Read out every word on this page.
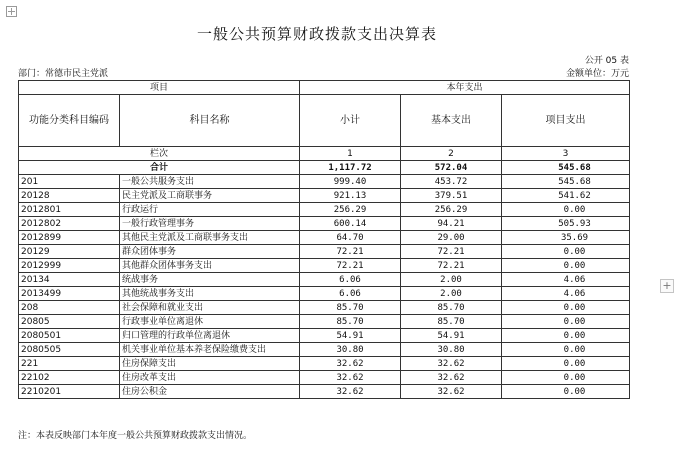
+
一般公共预算财政拨款支出决算表
公开 05 表
部门：常德市民主党派	金额单位：万元
项目		本年支出		
功能分类科目编码	科目名称	小计	基本支出	项目支出
栏次		1	2	3
合计		1,117.72	572.04	545.68
201	一般公共服务支出	999.40	453.72	545.68
20128	民主党派及工商联事务	921.13	379.51	541.62
2012801	行政运行	256.29	256.29	0.00
2012802	一般行政管理事务	600.14	94.21	505.93
2012899	其他民主党派及工商联事务支出	64.70	29.00	35.69
20129	群众团体事务	72.21	72.21	0.00
2012999	其他群众团体事务支出	72.21	72.21	0.00
20134	统战事务	6.06	2.00	4.06
2013499	其他统战事务支出	6.06	2.00	4.06
208	社会保障和就业支出	85.70	85.70	0.00
20805	行政事业单位离退休	85.70	85.70	0.00
2080501	归口管理的行政单位离退休	54.91	54.91	0.00
2080505	机关事业单位基本养老保险缴费支出	30.80	30.80	0.00
221	住房保障支出	32.62	32.62	0.00
22102	住房改革支出	32.62	32.62	0.00
2210201	住房公积金	32.62	32.62	0.00
注：本表反映部门本年度一般公共预算财政拨款支出情况。
